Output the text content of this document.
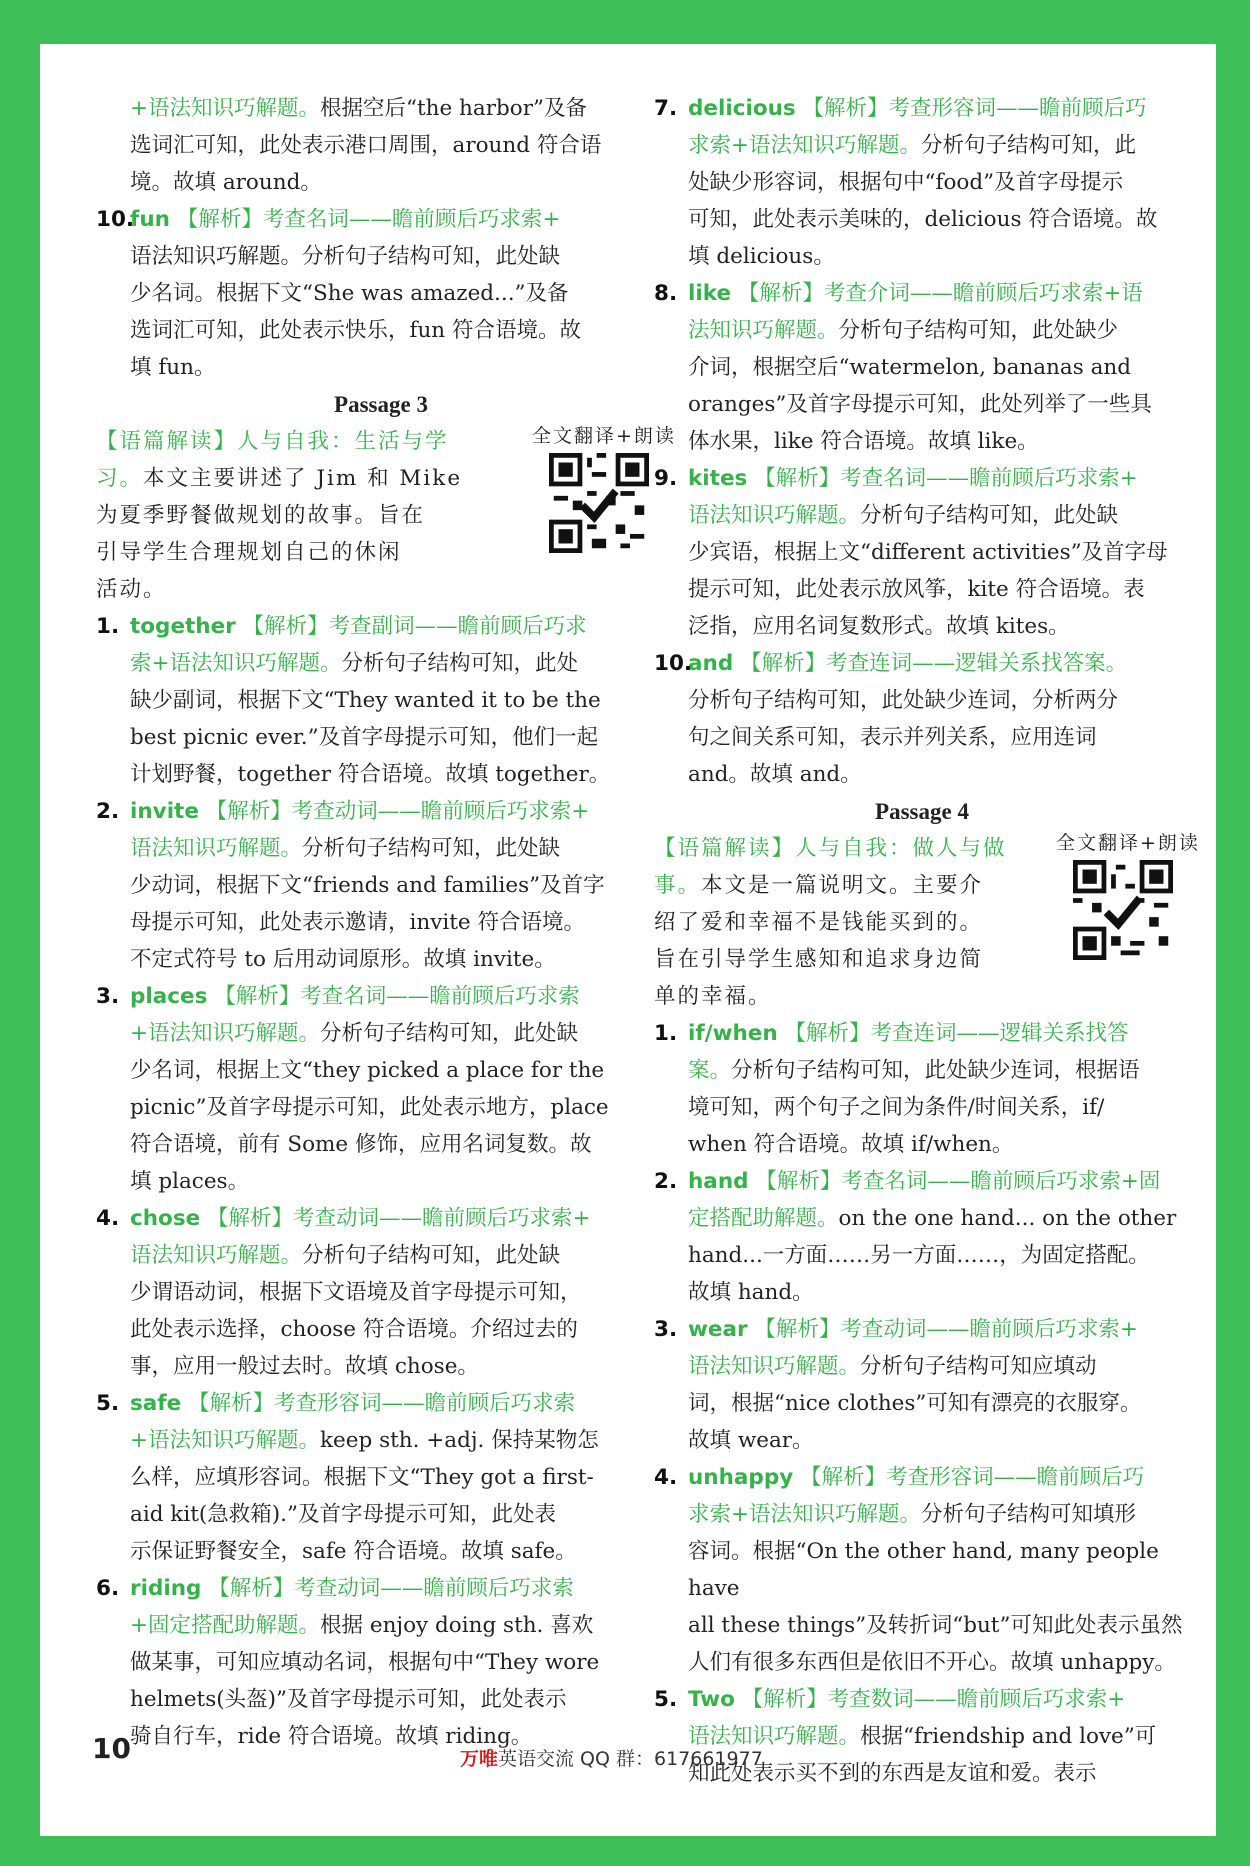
+语法知识巧解题。根据空后“the harbor”及备
选词汇可知，此处表示港口周围，around 符合语
境。故填 around。

10.
fun 【解析】考查名词——瞻前顾后巧求索+
语法知识巧解题。分析句子结构可知，此处缺
少名词。根据下文“She was amazed...”及备
选词汇可知，此处表示快乐，fun 符合语境。故
填 fun。

Passage 3

【语篇解读】人与自我：生活与学
习。本文主要讲述了 Jim 和 Mike
为夏季野餐做规划的故事。旨在
引导学生合理规划自己的休闲
活动。
全文翻译+朗读
1. together 【解析】考查副词——瞻前顾后巧求
索+语法知识巧解题。分析句子结构可知，此处
缺少副词，根据下文“They wanted it to be the
best picnic ever.”及首字母提示可知，他们一起
计划野餐，together 符合语境。故填 together。
2. invite 【解析】考查动词——瞻前顾后巧求索+
语法知识巧解题。分析句子结构可知，此处缺
少动词，根据下文“friends and families”及首字
母提示可知，此处表示邀请，invite 符合语境。
不定式符号 to 后用动词原形。故填 invite。
3. places 【解析】考查名词——瞻前顾后巧求索
+语法知识巧解题。分析句子结构可知，此处缺
少名词，根据上文“they picked a place for the
picnic”及首字母提示可知，此处表示地方，place
符合语境，前有 Some 修饰，应用名词复数。故
填 places。
4. chose 【解析】考查动词——瞻前顾后巧求索+
语法知识巧解题。分析句子结构可知，此处缺
少谓语动词，根据下文语境及首字母提示可知，
此处表示选择，choose 符合语境。介绍过去的
事，应用一般过去时。故填 chose。
5. safe 【解析】考查形容词——瞻前顾后巧求索
+语法知识巧解题。keep sth. +adj. 保持某物怎
么样，应填形容词。根据下文“They got a first-
aid kit(急救箱).”及首字母提示可知，此处表
示保证野餐安全，safe 符合语境。故填 safe。
6. riding 【解析】考查动词——瞻前顾后巧求索
+固定搭配助解题。根据 enjoy doing sth. 喜欢
做某事，可知应填动名词，根据句中“They wore
helmets(头盔)”及首字母提示可知，此处表示
骑自行车，ride 符合语境。故填 riding。
7. delicious 【解析】考查形容词——瞻前顾后巧
求索+语法知识巧解题。分析句子结构可知，此
处缺少形容词，根据句中“food”及首字母提示
可知，此处表示美味的，delicious 符合语境。故
填 delicious。
8. like 【解析】考查介词——瞻前顾后巧求索+语
法知识巧解题。分析句子结构可知，此处缺少
介词，根据空后“watermelon, bananas and
oranges”及首字母提示可知，此处列举了一些具
体水果，like 符合语境。故填 like。
9. kites 【解析】考查名词——瞻前顾后巧求索+
语法知识巧解题。分析句子结构可知，此处缺
少宾语，根据上文“different activities”及首字母
提示可知，此处表示放风筝，kite 符合语境。表
泛指，应用名词复数形式。故填 kites。
10.
and 【解析】考查连词——逻辑关系找答案。
分析句子结构可知，此处缺少连词，分析两分
句之间关系可知，表示并列关系，应用连词
and。故填 and。

Passage 4

【语篇解读】人与自我：做人与做
事。本文是一篇说明文。主要介
绍了爱和幸福不是钱能买到的。
旨在引导学生感知和追求身边简
单的幸福。
全文翻译+朗读
1. if/when 【解析】考查连词——逻辑关系找答
案。分析句子结构可知，此处缺少连词，根据语
境可知，两个句子之间为条件/时间关系，if/
when 符合语境。故填 if/when。
2. hand 【解析】考查名词——瞻前顾后巧求索+固
定搭配助解题。on the one hand... on the other
hand...一方面……另一方面……，为固定搭配。
故填 hand。
3. wear 【解析】考查动词——瞻前顾后巧求索+
语法知识巧解题。分析句子结构可知应填动
词，根据“nice clothes”可知有漂亮的衣服穿。
故填 wear。
4. unhappy 【解析】考查形容词——瞻前顾后巧
求索+语法知识巧解题。分析句子结构可知填形
容词。根据“On the other hand, many people have
all these things”及转折词“but”可知此处表示虽然
人们有很多东西但是依旧不开心。故填 unhappy。
5. Two 【解析】考查数词——瞻前顾后巧求索+
语法知识巧解题。根据“friendship and love”可
知此处表示买不到的东西是友谊和爱。表示
10	万唯英语交流 QQ 群：617661977
